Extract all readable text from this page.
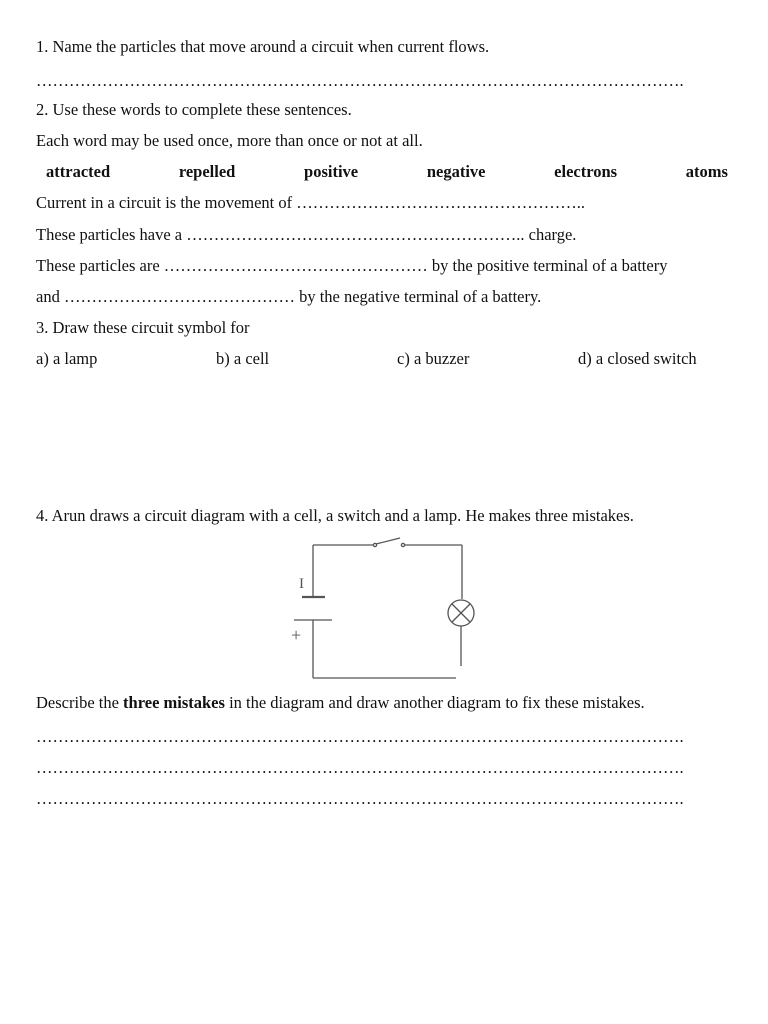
1. Name the particles that move around a circuit when current flows.
……………………………………………………………………………………………………….
2. Use these words to complete these sentences.
Each word may be used once, more than once or not at all.
attracted	repelled	positive	negative	electrons	atoms
Current in a circuit is the movement of ……………………………………………..
These particles have a …………………………………………………….. charge.
These particles are ………………………………………… by the positive terminal of a battery
and …………………………………… by the negative terminal of a battery.
3. Draw these circuit symbol for
a) a lamp	b) a cell	c) a buzzer	d) a closed switch
4. Arun draws a circuit diagram with a cell, a switch and a lamp. He makes three mistakes.
I
+
Describe the three mistakes in the diagram and draw another diagram to fix these mistakes.
……………………………………………………………………………………………………….
……………………………………………………………………………………………………….
……………………………………………………………………………………………………….
